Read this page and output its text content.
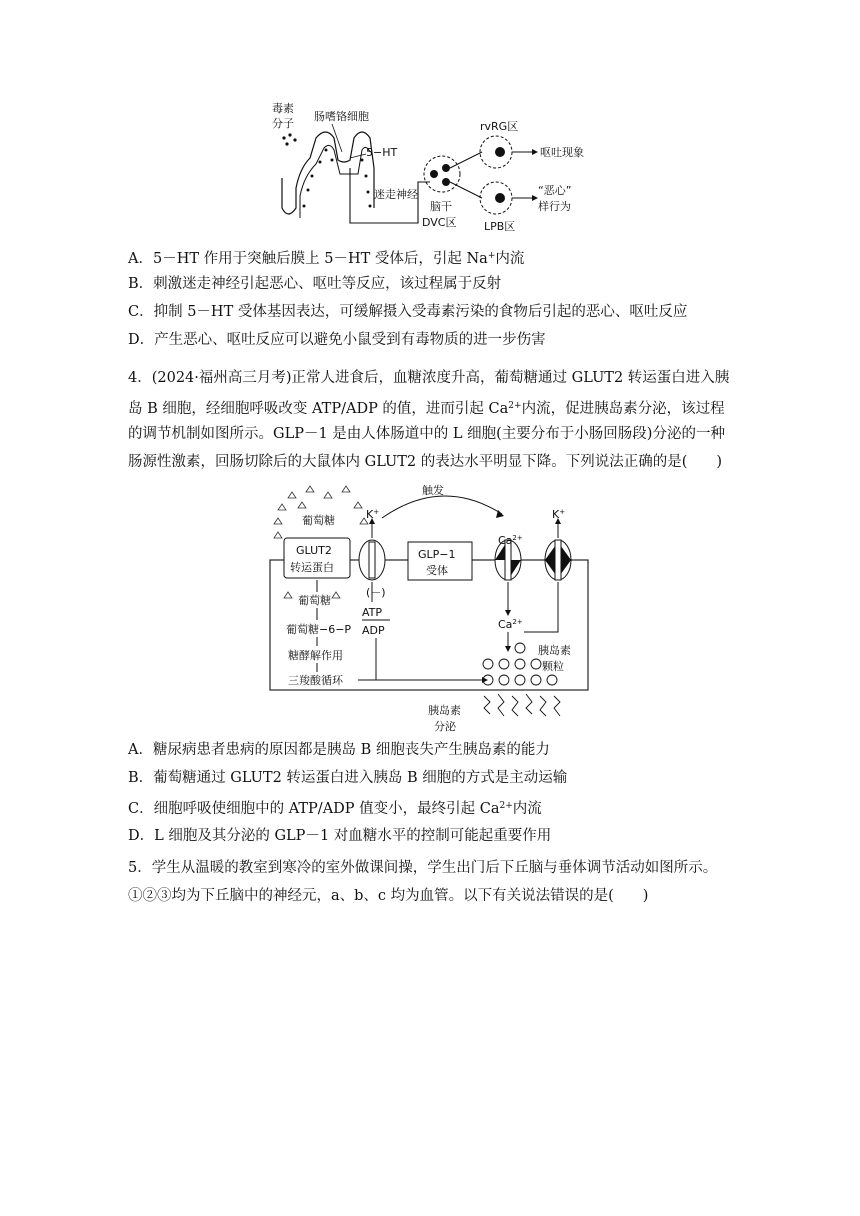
毒素
分子
肠嗜铬细胞
5−HT
迷走神经
脑干
DVC区
rvRG区
呕吐现象
“恶心”
样行为
LPB区
A．5－HT 作用于突触后膜上 5－HT 受体后，引起 Na+内流
B．刺激迷走神经引起恶心、呕吐等反应，该过程属于反射
C．抑制 5－HT 受体基因表达，可缓解摄入受毒素污染的食物后引起的恶心、呕吐反应
D．产生恶心、呕吐反应可以避免小鼠受到有毒物质的进一步伤害
4．(2024·福州高三月考)正常人进食后，血糖浓度升高，葡萄糖通过 GLUT2 转运蛋白进入胰
岛 B 细胞，经细胞呼吸改变 ATP/ADP 的值，进而引起 $Ca^{2+}$内流，促进胰岛素分泌，该过程
的调节机制如图所示。GLP－1 是由人体肠道中的 L 细胞(主要分布于小肠回肠段)分泌的一种
肠源性激素，回肠切除后的大鼠体内 GLUT2 的表达水平明显下降。下列说法正确的是(　　)
葡萄糖
GLUT2
转运蛋白
K+
触发
GLP−1
受体
$Ca^{2+}$
K+
(－)
ATP
ADP
葡萄糖
葡萄糖−6−P
糖酵解作用
三羧酸循环
$Ca^{2+}$
胰岛素
颗粒
胰岛素
分泌
A．糖尿病患者患病的原因都是胰岛 B 细胞丧失产生胰岛素的能力
B．葡萄糖通过 GLUT2 转运蛋白进入胰岛 B 细胞的方式是主动运输
C．细胞呼吸使细胞中的 ATP/ADP 值变小，最终引起 $Ca^{2+}$内流
D．L 细胞及其分泌的 GLP－1 对血糖水平的控制可能起重要作用
5．学生从温暖的教室到寒冷的室外做课间操，学生出门后下丘脑与垂体调节活动如图所示。
①②③均为下丘脑中的神经元，a、b、c 均为血管。以下有关说法错误的是(　　)
